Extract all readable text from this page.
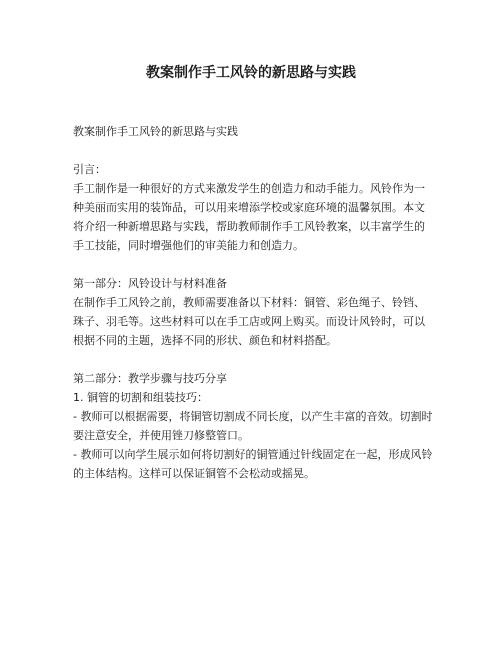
教案制作手工风铃的新思路与实践

教案制作手工风铃的新思路与实践

引言：

手工制作是一种很好的方式来激发学生的创造力和动手能力。风铃作为一种美丽而实用的装饰品，可以用来增添学校或家庭环境的温馨氛围。本文将介绍一种新增思路与实践，帮助教师制作手工风铃教案，以丰富学生的手工技能，同时增强他们的审美能力和创造力。

第一部分：风铃设计与材料准备

在制作手工风铃之前，教师需要准备以下材料：铜管、彩色绳子、铃铛、珠子、羽毛等。这些材料可以在手工店或网上购买。而设计风铃时，可以根据不同的主题，选择不同的形状、颜色和材料搭配。

第二部分：教学步骤与技巧分享

1. 铜管的切割和组装技巧：

- 教师可以根据需要，将铜管切割成不同长度，以产生丰富的音效。切割时要注意安全，并使用锉刀修整管口。

- 教师可以向学生展示如何将切割好的铜管通过针线固定在一起，形成风铃的主体结构。这样可以保证铜管不会松动或摇晃。
